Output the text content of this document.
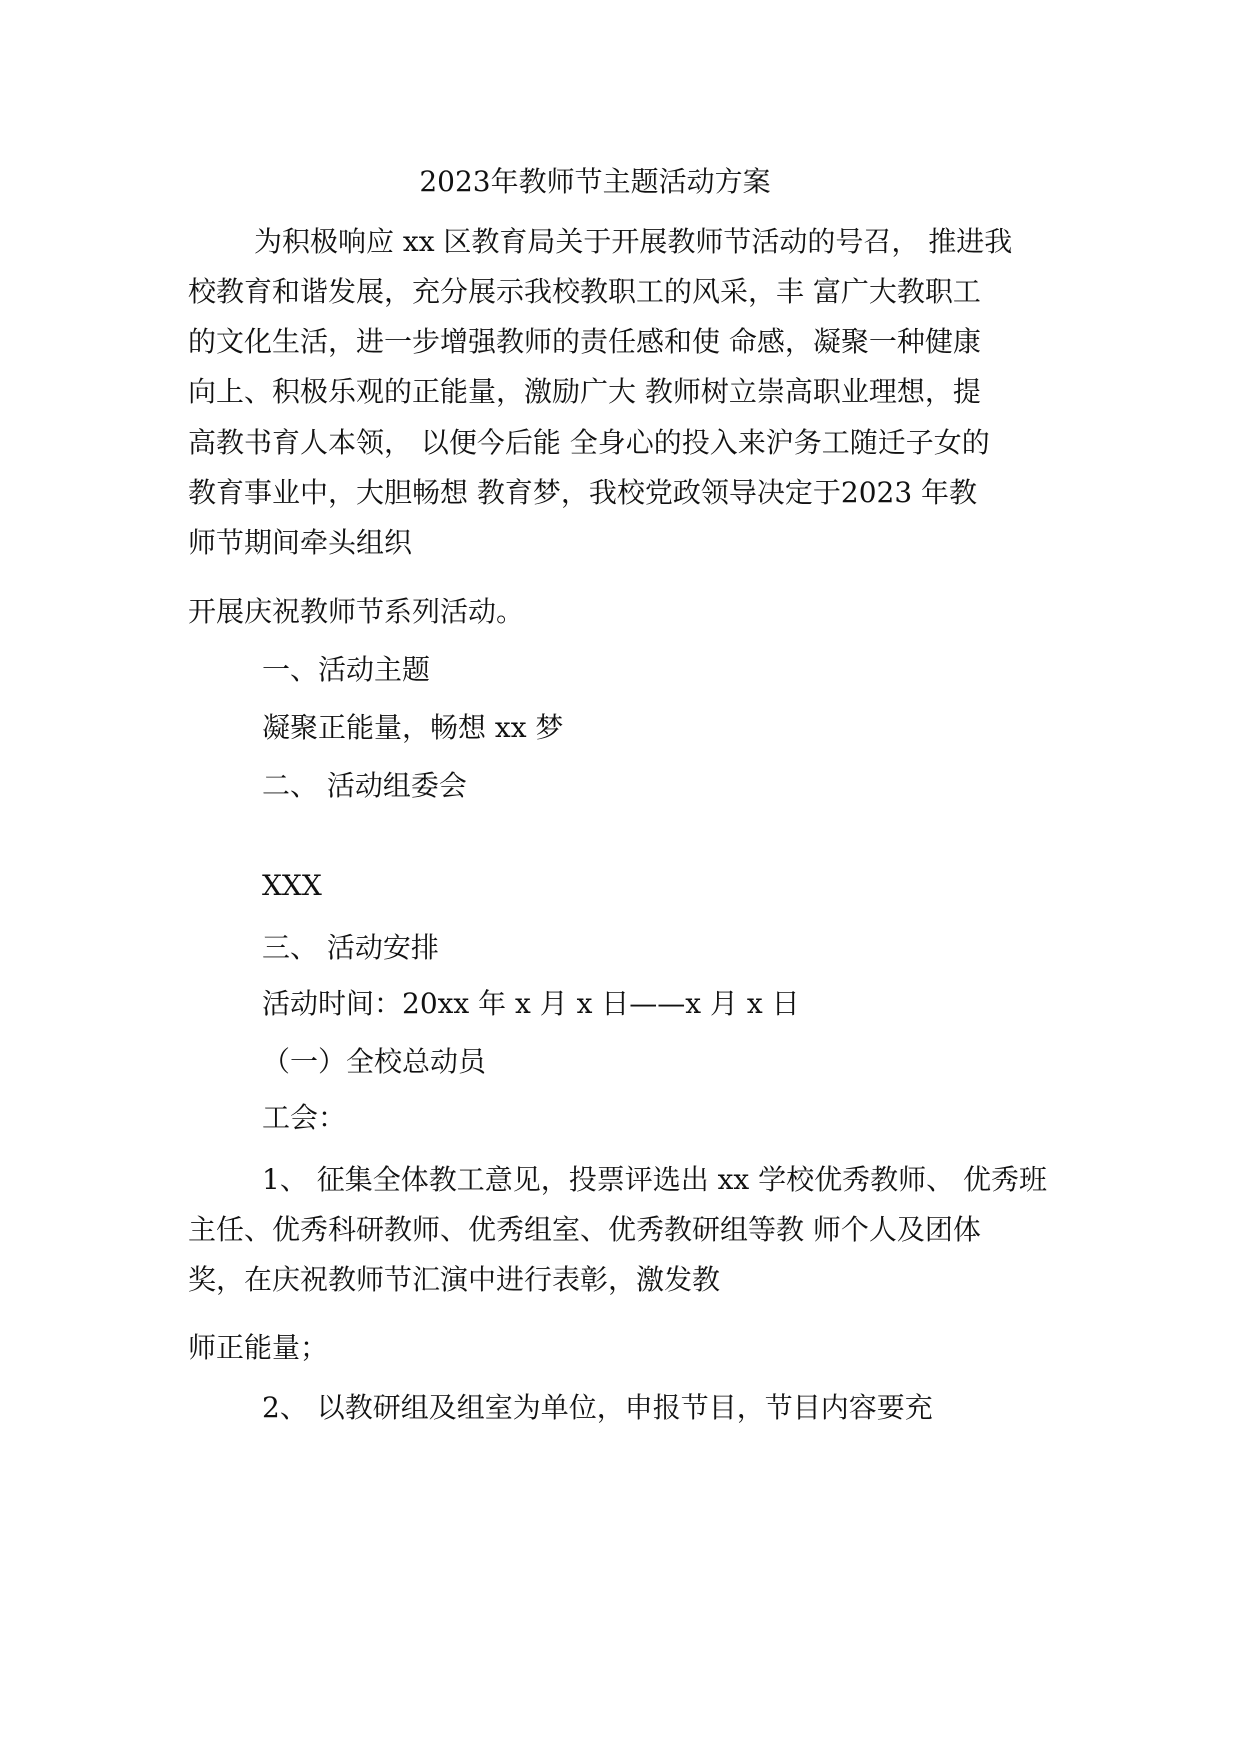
2023年教师节主题活动方案
为积极响应 xx 区教育局关于开展教师节活动的号召， 推进我
校教育和谐发展，充分展示我校教职工的风采，丰 富广大教职工
的文化生活，进一步增强教师的责任感和使 命感，凝聚一种健康
向上、积极乐观的正能量，激励广大 教师树立崇高职业理想，提
高教书育人本领， 以便今后能 全身心的投入来沪务工随迁子女的
教育事业中，大胆畅想 教育梦，我校党政领导决定于2023 年教
师节期间牵头组织
开展庆祝教师节系列活动。
一、活动主题
凝聚正能量，畅想 xx 梦
二、 活动组委会
XXX
三、 活动安排
活动时间：20xx 年 x 月 x 日——x 月 x 日
（一）全校总动员
工会：
1、 征集全体教工意见，投票评选出 xx 学校优秀教师、 优秀班
主任、优秀科研教师、优秀组室、优秀教研组等教 师个人及团体
奖，在庆祝教师节汇演中进行表彰，激发教
师正能量；
2、 以教研组及组室为单位，申报节目，节目内容要充
